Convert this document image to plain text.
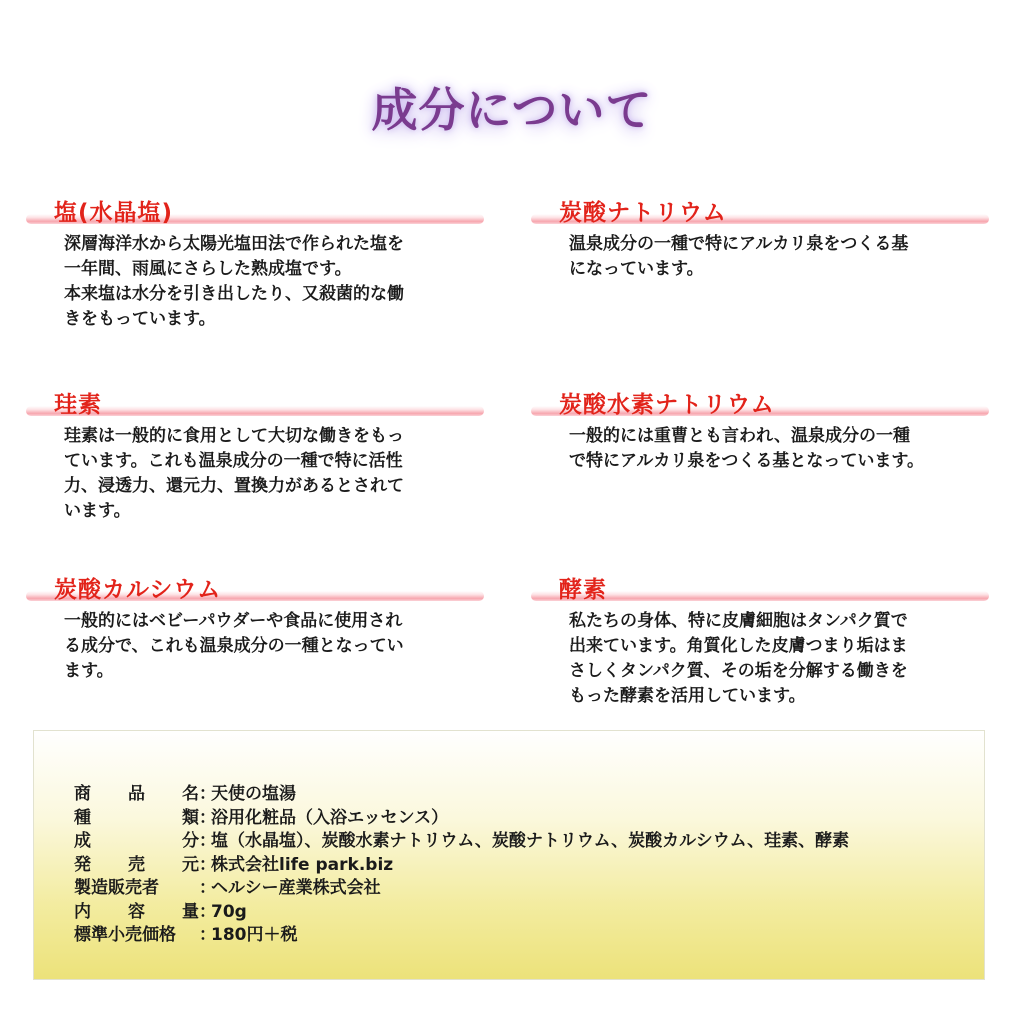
成分について
塩(水晶塩)
深層海洋水から太陽光塩田法で作られた塩を
一年間、雨風にさらした熟成塩です。
本来塩は水分を引き出したり、又殺菌的な働
きをもっています。
炭酸ナトリウム
温泉成分の一種で特にアルカリ泉をつくる基
になっています。
珪素
珪素は一般的に食用として大切な働きをもっ
ています。これも温泉成分の一種で特に活性
力、浸透力、還元力、置換力があるとされて
います。
炭酸水素ナトリウム
一般的には重曹とも言われ、温泉成分の一種
で特にアルカリ泉をつくる基となっています。
炭酸カルシウム
一般的にはベビーパウダーや食品に使用され
る成分で、これも温泉成分の一種となってい
ます。
酵素
私たちの身体、特に皮膚細胞はタンパク質で
出来ています。角質化した皮膚つまり垢はま
さしくタンパク質、その垢を分解する働きを
もった酵素を活用しています。
商 品 名 ：
天使の塩湯
種	類 ：
浴用化粧品（入浴エッセンス）
成	分 ：
塩（水晶塩）、炭酸水素ナトリウム、炭酸ナトリウム、炭酸カルシウム、珪素、酵素
発 売 元 ：
株式会社life park.biz
製造販売者 ：
ヘルシー産業株式会社
内 容 量 ：
70g
標準小売価格 ：
180円＋税
